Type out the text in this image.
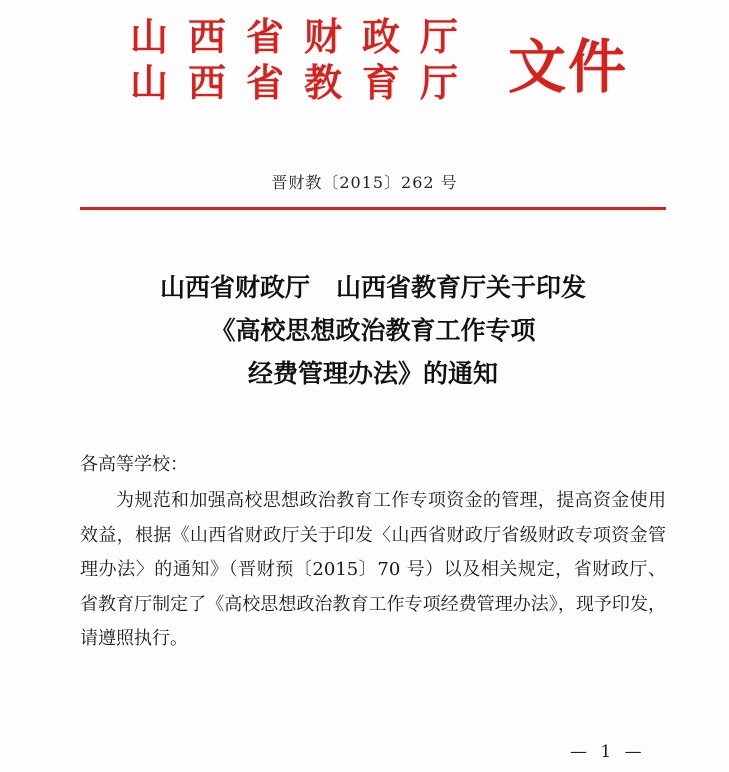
山西省财政厅
山西省教育厅 文件
晋财教〔2015〕262 号
山西省财政厅 山西省教育厅关于印发
《高校思想政治教育工作专项
经费管理办法》的通知
各高等学校：
为规范和加强高校思想政治教育工作专项资金的管理，提高资金使用效益，根据《山西省财政厅关于印发〈山西省财政厅省级财政专项资金管理办法〉的通知》（晋财预〔2015〕70 号）以及相关规定，省财政厅、省教育厅制定了《高校思想政治教育工作专项经费管理办法》，现予印发，请遵照执行。
— 1 —
